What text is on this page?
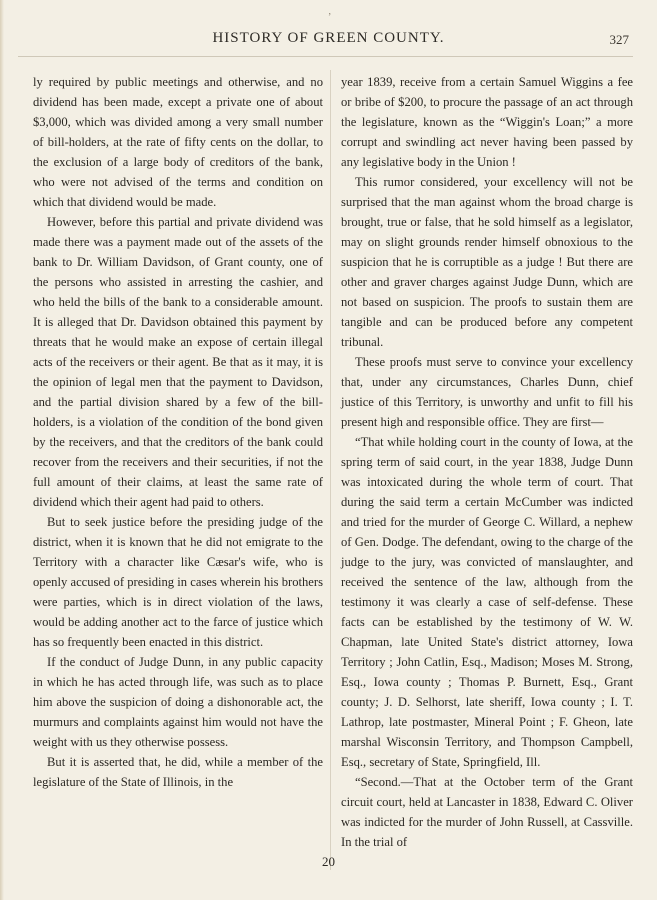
ʼ
HISTORY OF GREEN COUNTY.	327

ly required by public meetings and otherwise, and no dividend has been made, except a private one of about $3,000, which was divided among a very small number of bill-holders, at the rate of fifty cents on the dollar, to the exclusion of a large body of creditors of the bank, who were not advised of the terms and condition on which that dividend would be made.

However, before this partial and private dividend was made there was a payment made out of the assets of the bank to Dr. William Davidson, of Grant county, one of the persons who assisted in arresting the cashier, and who held the bills of the bank to a considerable amount. It is alleged that Dr. Davidson obtained this payment by threats that he would make an expose of certain illegal acts of the receivers or their agent. Be that as it may, it is the opinion of legal men that the payment to Davidson, and the partial division shared by a few of the bill-holders, is a violation of the condition of the bond given by the receivers, and that the creditors of the bank could recover from the receivers and their securities, if not the full amount of their claims, at least the same rate of dividend which their agent had paid to others.

But to seek justice before the presiding judge of the district, when it is known that he did not emigrate to the Territory with a character like Cæsar's wife, who is openly accused of presiding in cases wherein his brothers were parties, which is in direct violation of the laws, would be adding another act to the farce of justice which has so frequently been enacted in this district.

If the conduct of Judge Dunn, in any public capacity in which he has acted through life, was such as to place him above the suspicion of doing a dishonorable act, the murmurs and complaints against him would not have the weight with us they otherwise possess.

But it is asserted that, he did, while a member of the legislature of the State of Illinois, in the

year 1839, receive from a certain Samuel Wiggins a fee or bribe of $200, to procure the passage of an act through the legislature, known as the “Wiggin's Loan;” a more corrupt and swindling act never having been passed by any legislative body in the Union !

This rumor considered, your excellency will not be surprised that the man against whom the broad charge is brought, true or false, that he sold himself as a legislator, may on slight grounds render himself obnoxious to the suspicion that he is corruptible as a judge ! But there are other and graver charges against Judge Dunn, which are not based on suspicion. The proofs to sustain them are tangible and can be produced before any competent tribunal.

These proofs must serve to convince your excellency that, under any circumstances, Charles Dunn, chief justice of this Territory, is unworthy and unfit to fill his present high and responsible office. They are first—

“That while holding court in the county of Iowa, at the spring term of said court, in the year 1838, Judge Dunn was intoxicated during the whole term of court. That during the said term a certain McCumber was indicted and tried for the murder of George C. Willard, a nephew of Gen. Dodge. The defendant, owing to the charge of the judge to the jury, was convicted of manslaughter, and received the sentence of the law, although from the testimony it was clearly a case of self-defense. These facts can be established by the testimony of W. W. Chapman, late United State's district attorney, Iowa Territory ; John Catlin, Esq., Madison; Moses M. Strong, Esq., Iowa county ; Thomas P. Burnett, Esq., Grant county; J. D. Selhorst, late sheriff, Iowa county ; I. T. Lathrop, late postmaster, Mineral Point ; F. Gheon, late marshal Wisconsin Territory, and Thompson Campbell, Esq., secretary of State, Springfield, Ill.

“Second.—That at the October term of the Grant circuit court, held at Lancaster in 1838, Edward C. Oliver was indicted for the murder of John Russell, at Cassville. In the trial of

20
